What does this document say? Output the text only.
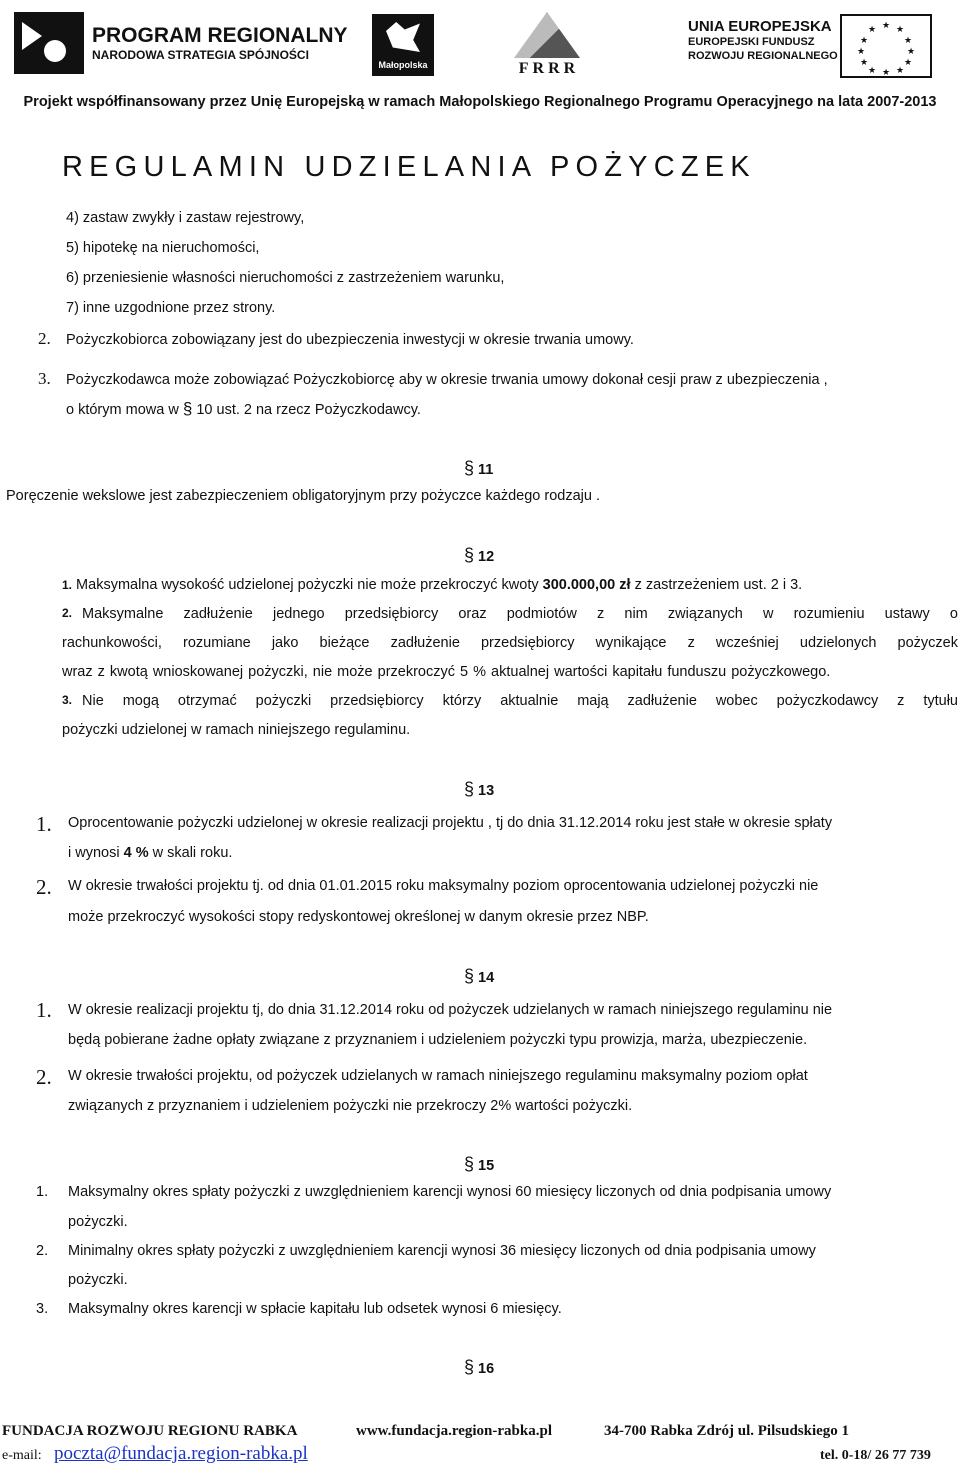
PROGRAM REGIONALNY
NARODOWA STRATEGIA SPÓJNOŚCI
Małopolska	FRRR
UNIA EUROPEJSKA
EUROPEJSKI FUNDUSZ
ROZWOJU REGIONALNEGO
★ ★
★
★
★
★
★
★
★
★
★
★
Projekt współfinansowany przez Unię Europejską w ramach Małopolskiego Regionalnego Programu Operacyjnego na lata 2007-2013
REGULAMIN UDZIELANIA POŻYCZEK
4) zastaw zwykły i zastaw rejestrowy,
5) hipotekę na nieruchomości,
6) przeniesienie własności nieruchomości z zastrzeżeniem warunku,
7) inne uzgodnione przez strony.
2. Pożyczkobiorca zobowiązany jest do ubezpieczenia inwestycji w okresie trwania umowy.
3. Pożyczkodawca może zobowiązać Pożyczkobiorcę aby w okresie trwania umowy dokonał cesji praw z ubezpieczenia ,
o którym mowa w § 10 ust. 2 na rzecz Pożyczkodawcy.
§ 11
Poręczenie wekslowe jest zabezpieczeniem obligatoryjnym przy pożyczce każdego rodzaju .
§ 12
1. Maksymalna wysokość udzielonej pożyczki nie może przekroczyć kwoty 300.000,00 zł z zastrzeżeniem ust. 2 i 3.
2. Maksymalne zadłużenie jednego przedsiębiorcy oraz podmiotów z nim związanych w rozumieniu ustawy o
rachunkowości, rozumiane jako bieżące zadłużenie przedsiębiorcy wynikające z wcześniej udzielonych pożyczek
wraz z kwotą wnioskowanej pożyczki, nie może przekroczyć 5 % aktualnej wartości kapitału funduszu pożyczkowego.
3. Nie mogą otrzymać pożyczki przedsiębiorcy którzy aktualnie mają zadłużenie wobec pożyczkodawcy z tytułu
pożyczki udzielonej w ramach niniejszego regulaminu.
§ 13
1. Oprocentowanie pożyczki udzielonej w okresie realizacji projektu , tj do dnia 31.12.2014 roku jest stałe w okresie spłaty
i wynosi 4 % w skali roku.
2. W okresie trwałości projektu tj. od dnia 01.01.2015 roku maksymalny poziom oprocentowania udzielonej pożyczki nie
może przekroczyć wysokości stopy redyskontowej określonej w danym okresie przez NBP.
§ 14
1. W okresie realizacji projektu tj, do dnia 31.12.2014 roku od pożyczek udzielanych w ramach niniejszego regulaminu nie
będą pobierane żadne opłaty związane z przyznaniem i udzieleniem pożyczki typu prowizja, marża, ubezpieczenie.
2. W okresie trwałości projektu, od pożyczek udzielanych w ramach niniejszego regulaminu maksymalny poziom opłat
związanych z przyznaniem i udzieleniem pożyczki nie przekroczy 2% wartości pożyczki.
§ 15
1. Maksymalny okres spłaty pożyczki z uwzględnieniem karencji wynosi 60 miesięcy liczonych od dnia podpisania umowy
pożyczki.
2. Minimalny okres spłaty pożyczki z uwzględnieniem karencji wynosi 36 miesięcy liczonych od dnia podpisania umowy
pożyczki.
3. Maksymalny okres karencji w spłacie kapitału lub odsetek wynosi 6 miesięcy.
§ 16
FUNDACJA ROZWOJU REGIONU RABKA	www.fundacja.region-rabka.pl	34-700 Rabka Zdrój ul. Pilsudskiego 1
e-mail: poczta@fundacja.region-rabka.pl	tel. 0-18/ 26 77 739
